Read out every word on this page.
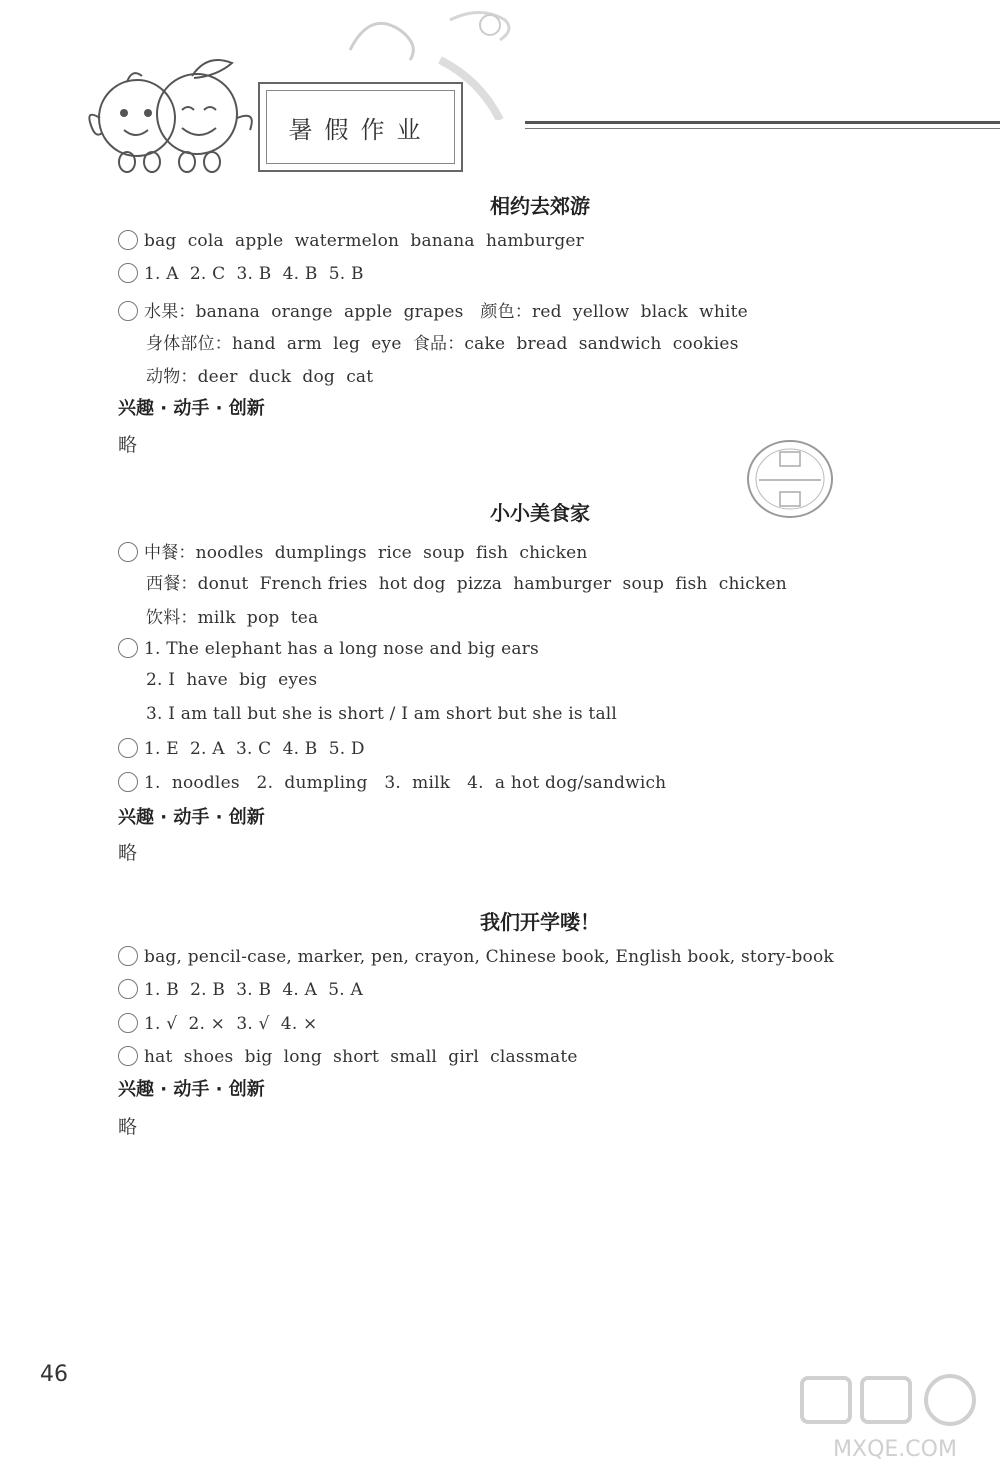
暑假作业
相约去郊游
bag  cola  apple  watermelon  banana  hamburger
1. A  2. C  3. B  4. B  5. B
水果：banana  orange  apple  grapes   颜色：red  yellow  black  white
身体部位：hand  arm  leg  eye  食品：cake  bread  sandwich  cookies
动物：deer  duck  dog  cat
兴趣 · 动手 · 创新
略
小小美食家
中餐：noodles  dumplings  rice  soup  fish  chicken
西餐：donut  French fries  hot dog  pizza  hamburger  soup  fish  chicken
饮料：milk  pop  tea
1. The elephant has a long nose and big ears
2. I  have  big  eyes
3. I am tall but she is short / I am short but she is tall
1. E  2. A  3. C  4. B  5. D
1.  noodles   2.  dumpling   3.  milk   4.  a hot dog/sandwich
兴趣 · 动手 · 创新
略
我们开学喽！
bag, pencil-case, marker, pen, crayon, Chinese book, English book, story-book
1. B  2. B  3. B  4. A  5. A
1. √  2. ×  3. √  4. ×
hat  shoes  big  long  short  small  girl  classmate
兴趣 · 动手 · 创新
略
46
MXQE.COM
